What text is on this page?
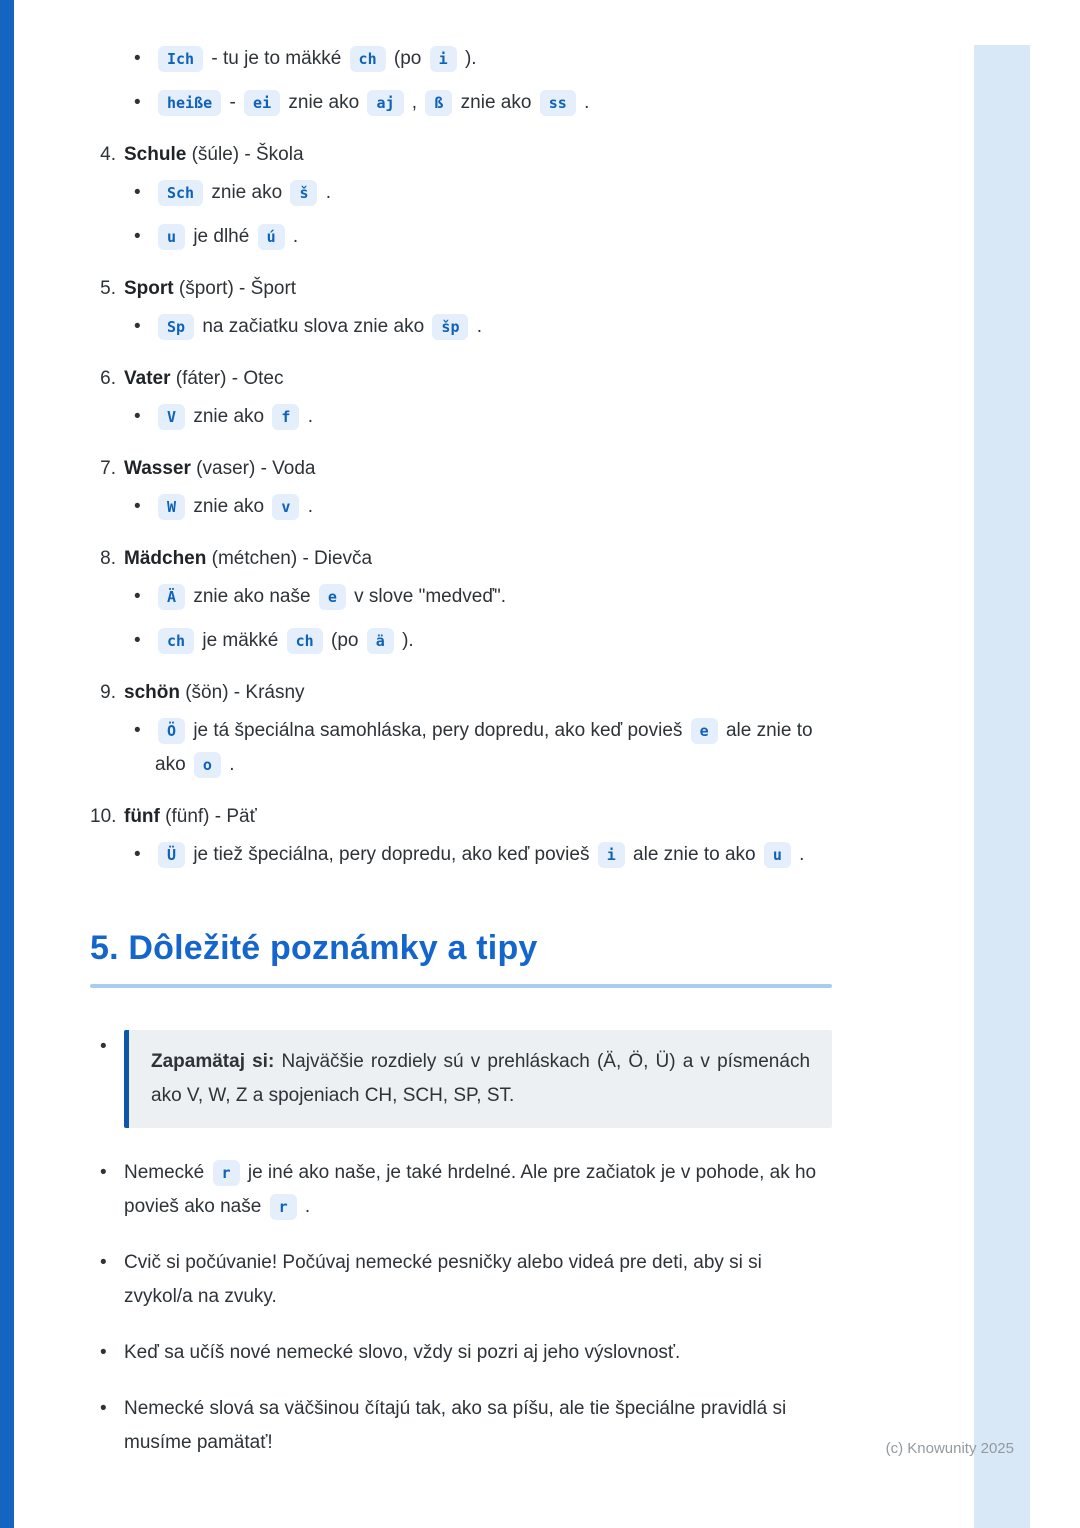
• Ich - tu je to mäkké ch (po i ).
• heiße - ei znie ako aj , ß znie ako ss .
4. Schule (šúle) - Škola
• Sch znie ako š .
• u je dlhé ú .
5. Sport (šport) - Šport
• Sp na začiatku slova znie ako šp .
6. Vater (fáter) - Otec
• V znie ako f .
7. Wasser (vaser) - Voda
• W znie ako v .
8. Mädchen (métchen) - Dievča
• Ä znie ako naše e v slove "medveď".
• ch je mäkké ch (po ä ).
9. schön (šön) - Krásny
• Ö je tá špeciálna samohláska, pery dopredu, ako keď povieš e ale znie to ako o .
10. fünf (fünf) - Päť
• Ü je tiež špeciálna, pery dopredu, ako keď povieš i ale znie to ako u .
5. Dôležité poznámky a tipy
• Zapamätaj si: Najväčšie rozdiely sú v prehláskach (Ä, Ö, Ü) a v písmenách ako V, W, Z a spojeniach CH, SCH, SP, ST.
• Nemecké r je iné ako naše, je také hrdelné. Ale pre začiatok je v pohode, ak ho povieš ako naše r .
• Cvič si počúvanie! Počúvaj nemecké pesničky alebo videá pre deti, aby si si zvykol/a na zvuky.
• Keď sa učíš nové nemecké slovo, vždy si pozri aj jeho výslovnosť.
• Nemecké slová sa väčšinou čítajú tak, ako sa píšu, ale tie špeciálne pravidlá si musíme pamätať!	(c) Knowunity 2025
